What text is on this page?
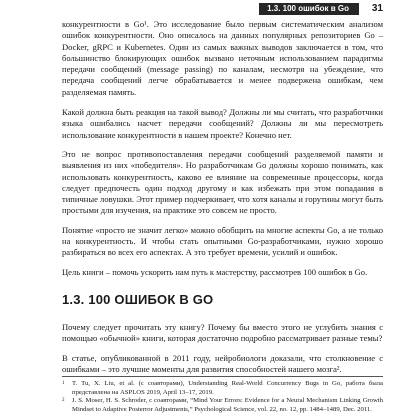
1.3. 100 ошибок в Go	31

конкурентности в Go¹. Это исследование было первым систематическим анализом ошибок конкурентности. Оно описалось на данных популярных репозиториев Go – Docker, gRPC и Kubernetes. Один из самых важных выводов заключается в том, что большинство блокирующих ошибок вызвано неточным использованием парадигмы передачи сообщений (message passing) по каналам, несмотря на убеждение, что передача сообщений легче обрабатывается и менее подвержена ошибкам, чем разделяемая память.

Какой должна быть реакция на такой вывод? Должны ли мы считать, что разработчики языка ошибались насчет передачи сообщений? Должны ли мы пересмотреть использование конкурентности в нашем проекте? Конечно нет.

Это не вопрос противопоставления передачи сообщений разделяемой памяти и выявления из них «победителя». Но разработчикам Go должны хорошо понимать, как использовать конкурентность, каково ее влияние на современные процессоры, когда следует предпочесть один подход другому и как избежать при этом попадания в типичные ловушки. Этот пример подчеркивает, что хотя каналы и горутины могут быть простыми для изучения, на практике это совсем не просто.

Понятие «просто не значит легко» можно обобщить на многие аспекты Go, а не только на конкурентность. И чтобы стать опытными Go-разработчиками, нужно хорошо разбираться во всех его аспектах. А это требует времени, усилий и ошибок.

Цель книги – помочь ускорить нам путь к мастерству, рассмотрев 100 ошибок в Go.

1.3. 100 ОШИБОК В GO

Почему следует прочитать эту книгу? Почему бы вместо этого не углубить знания с помощью «обычной» книги, которая достаточно подробно рассматривает разные темы?

В статье, опубликованной в 2011 году, нейробиологи доказали, что столкновение с ошибками – это лучшие моменты для развития способностей нашего мозга².

1	T. Tu, X. Liu, et al. (с соавторами), Understanding Real-World Concurrency Bugs in Go, работа была представлена на ASPLOS 2019, April 13–17, 2019.
2	J. S. Moser, H. S. Schroder, с соавторами, “Mind Your Errors: Evidence for a Neural Mechanism Linking Growth Mindset to Adaptive Posterror Adjustments,” Psychological Science, vol. 22, no. 12, pp. 1484–1489, Dec. 2011.
